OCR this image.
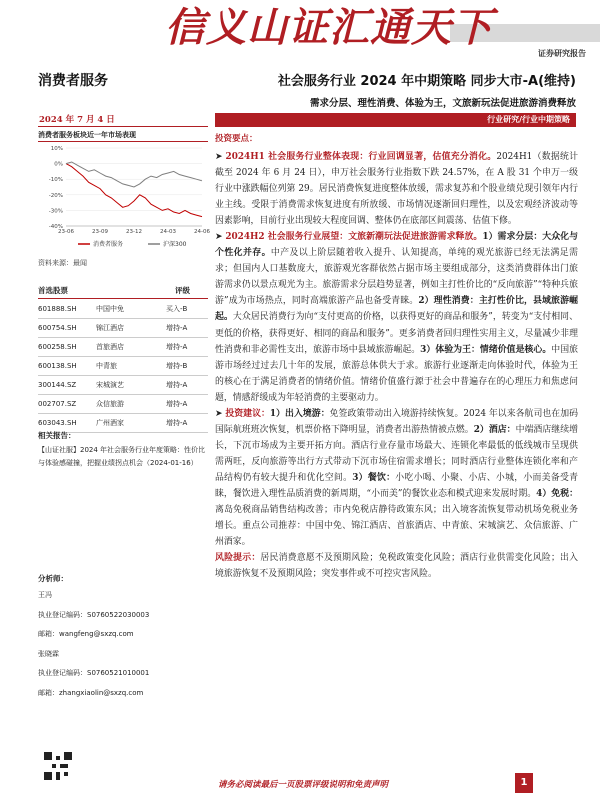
信义山证汇通天下
证券研究报告
消费者服务	社会服务行业 2024 年中期策略 同步大市-A(维持)
需求分层、理性消费、体验为王，文旅新玩法促进旅游消费释放
2024 年 7 月 4 日	行业研究/行业中期策略
消费者服务板块近一年市场表现
10%
0%
-10%
-20%
-30%
-40%
23-06	23-09	23-12	24-03	24-06
消费者服务	沪深300
资料来源：最闻
首选股票	评级
601888.SH	中国中免	买入-B
600754.SH	锦江酒店	增持-A
600258.SH	首旅酒店	增持-A
600138.SH	中青旅	增持-B
300144.SZ	宋城演艺	增持-A
002707.SZ	众信旅游	增持-A
603043.SH	广州酒家	增持-A
相关报告：
【山证社服】2024 年社会服务行业年度策略：性价比与体验感碰撞，把握业绩拐点机会（2024-01-16）
分析师：
王冯
执业登记编码：S0760522030003
邮箱：wangfeng@sxzq.com
张晓霖
执业登记编码：S0760521010001
邮箱：zhangxiaolin@sxzq.com
投资要点：

➤ 2024H1 社会服务行业整体表现：行业回调显著，估值充分消化。2024H1（数据统计截至 2024 年 6 月 24 日），申万社会服务行业指数下跌 24.57%，在 A 股 31 个申万一级行业中涨跌幅位列第 29。居民消费恢复进度整体放缓，需求复苏和个股业绩兑现引领年内行业主线。受限于消费需求恢复进度有所放缓、市场情况逐渐回归理性，以及宏观经济波动等因素影响，目前行业出现较大程度回调、整体仍在底部区间震荡、估值下修。

➤ 2024H2 社会服务行业展望：文旅新潮玩法促进旅游需求释放。1）需求分层：大众化与个性化并存。中产及以上阶层随着收入提升、认知提高，单纯的观光旅游已经无法满足需求；但国内人口基数庞大，旅游观光客群依然占据市场主要组成部分，这类消费群体出门旅游需求仍以景点观光为主。旅游需求分层趋势显著，例如主打性价比的“反向旅游”“特种兵旅游”成为市场热点，同时高端旅游产品也备受青睐。2）理性消费：主打性价比，县域旅游崛起。大众居民消费行为向“支付更高的价格，以获得更好的商品和服务”，转变为“支付相同、更低的价格，获得更好、相同的商品和服务”。更多消费者回归理性实用主义，尽量减少非理性消费和非必需性支出，旅游市场中县域旅游崛起。3）体验为王：情绪价值是核心。中国旅游市场经过过去几十年的发展，旅游总体供大于求。旅游行业逐渐走向体验时代，体验为王的核心在于满足消费者的情绪价值。情绪价值盛行源于社会中普遍存在的心理压力和焦虑问题，情感舒缓成为年轻消费的主要驱动力。

➤ 投资建议：1）出入境游：免签政策带动出入境游持续恢复。2024 年以来各航司也在加码国际航班班次恢复，机票价格下降明显，消费者出游热情被点燃。2）酒店：中端酒店继续增长，下沉市场成为主要开拓方向。酒店行业存量市场最大、连锁化率最低的低线城市呈现供需两旺，反向旅游等出行方式带动下沉市场住宿需求增长；同时酒店行业整体连锁化率和产品结构仍有较大提升和优化空间。3）餐饮：小吃小喝、小聚、小店、小城，小而美备受青睐，餐饮进入理性品质消费的新周期，“小而美”的餐饮业态和模式迎来发展时期。4）免税：离岛免税商品销售结构改善；市内免税店静待政策东风；出入境客流恢复带动机场免税业务增长。重点公司推荐：中国中免、锦江酒店、首旅酒店、中青旅、宋城演艺、众信旅游、广州酒家。

风险提示：居民消费意愿不及预期风险；免税政策变化风险；酒店行业供需变化风险；出入境旅游恢复不及预期风险；突发事件或不可控灾害风险。

请务必阅读最后一页股票评级说明和免责声明	1
